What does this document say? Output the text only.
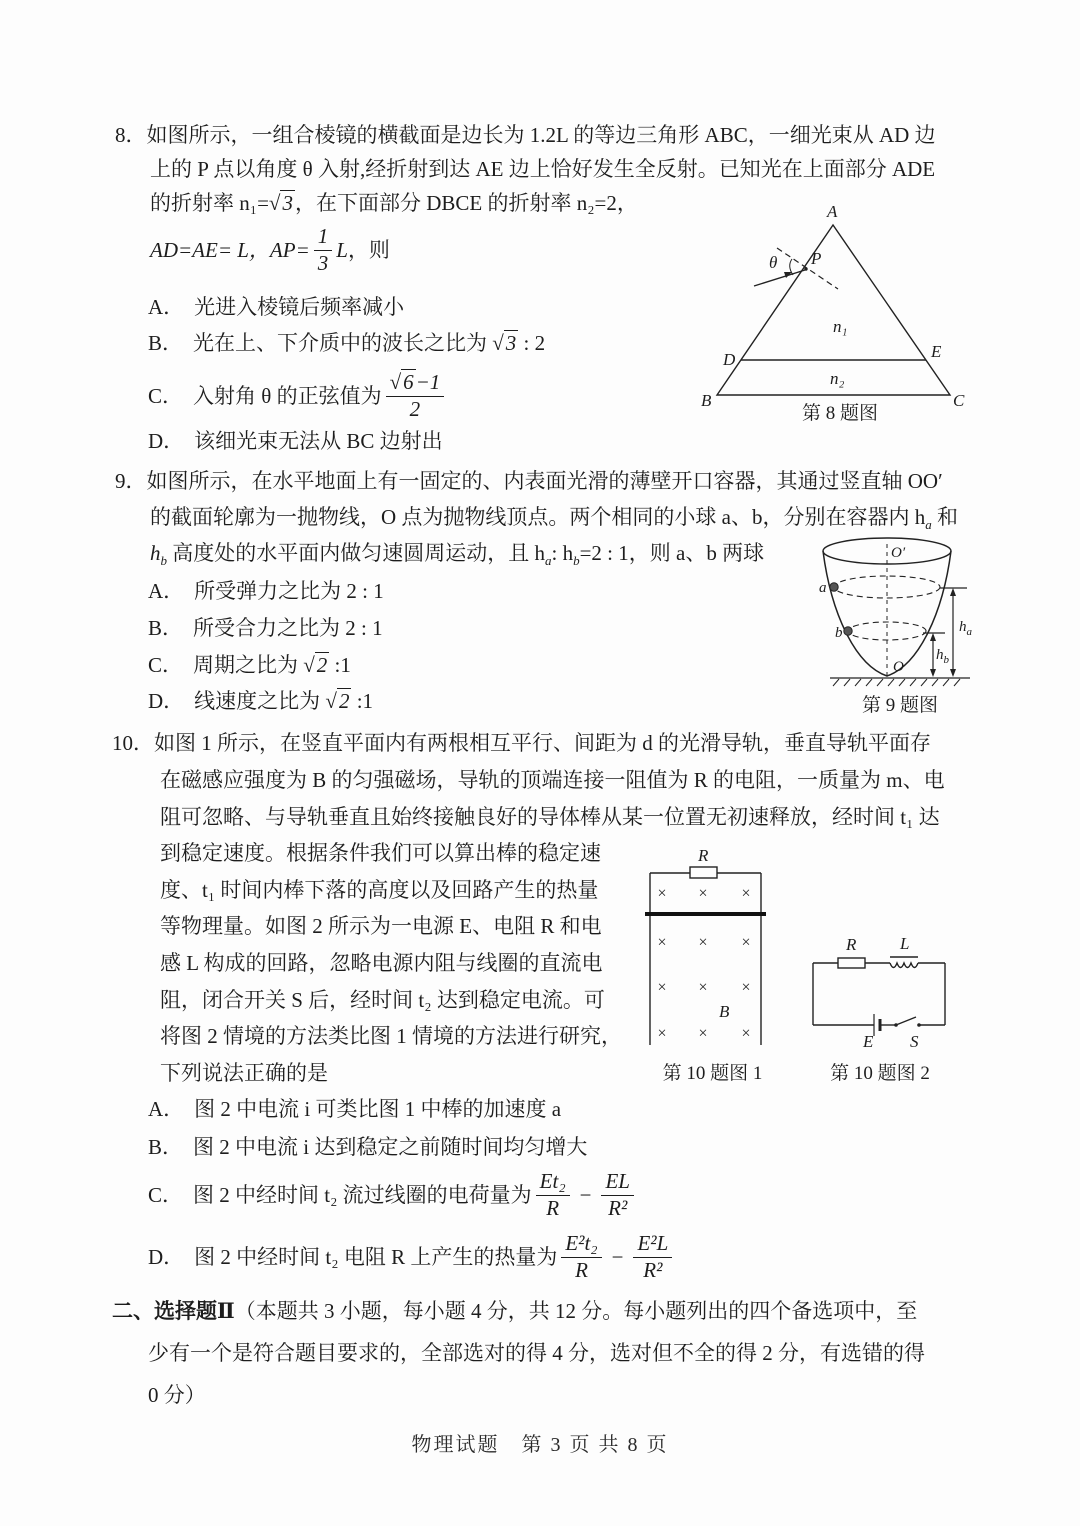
8．如图所示，一组合棱镜的横截面是边长为 1.2L 的等边三角形 ABC，一细光束从 AD 边
上的 P 点以角度 θ 入射,经折射到达 AE 边上恰好发生全反射。已知光在上面部分 ADE
的折射率 n₁=√3，在下面部分 DBCE 的折射率 n₂=2，
AD=AE= L，$AP= \frac{1}{3}$ L ，则
A． 光进入棱镜后频率减小
B． 光在上、下介质中的波长之比为 √3 : 2
C． 入射角 θ 的正弦值为 $\frac{√6-1}{2}$
D． 该细光束无法从 BC 边射出
A
B	C
D	E
P
θ
n₁
n₂
第 8 题图
9．如图所示，在水平地面上有一固定的、内表面光滑的薄壁开口容器，其通过竖直轴 OO′
的截面轮廓为一抛物线，O 点为抛物线顶点。两个相同的小球 a、b，分别在容器内 $h_a$ 和
$h_b$ 高度处的水平面内做匀速圆周运动，且 $h_a$: $h_b=2$ : 1，则 a、b 两球
A． 所受弹力之比为 2 : 1
B． 所受合力之比为 2 : 1
C． 周期之比为 √2 :1
D． 线速度之比为 √2 :1
O′
O
a
b	$h_a$
$h_b$
第 9 题图
10．如图 1 所示，在竖直平面内有两根相互平行、间距为 d 的光滑导轨，垂直导轨平面存
在磁感应强度为 B 的匀强磁场，导轨的顶端连接一阻值为 R 的电阻，一质量为 m、电
阻可忽略、与导轨垂直且始终接触良好的导体棒从某一位置无初速释放，经时间 t₁ 达
到稳定速度。根据条件我们可以算出棒的稳定速
度、t₁ 时间内棒下落的高度以及回路产生的热量
等物理量。如图 2 所示为一电源 E、电阻 R 和电
感 L 构成的回路，忽略电源内阻与线圈的直流电
阻，闭合开关 S 后，经时间 t₂ 达到稳定电流。可
将图 2 情境的方法类比图 1 情境的方法进行研究，
下列说法正确的是
A． 图 2 中电流 i 可类比图 1 中棒的加速度 a
B． 图 2 中电流 i 达到稳定之前随时间均匀增大
C． 图 2 中经时间 t₂ 流过线圈的电荷量为 $\frac{\text{Et₂}}{R} - \frac{EL}{\text{R²}}$
D． 图 2 中经时间 t₂ 电阻 R 上产生的热量为 $\frac{\text{E²t₂}}{R} - \frac{\text{E²L}}{\text{R²}}$
× × ×
× × ×
× × ×
× × ×
R
B
第 10 题图 1
R	L
E S
第 10 题图 2
二、选择题Ⅱ（本题共 3 小题，每小题 4 分，共 12 分。每小题列出的四个备选项中，至
少有一个是符合题目要求的，全部选对的得 4 分，选对但不全的得 2 分，有选错的得
0 分）
物理试题　第 3 页 共 8 页
